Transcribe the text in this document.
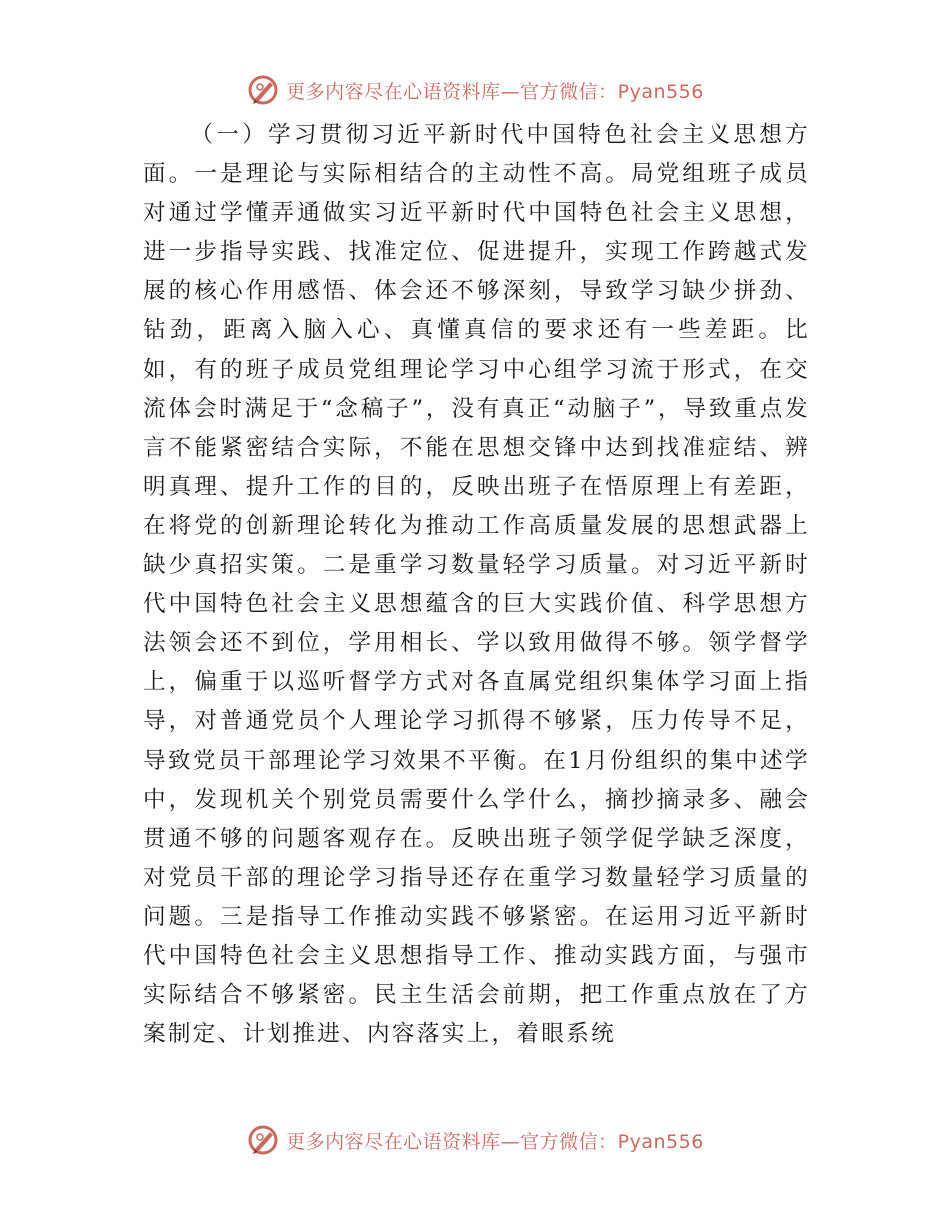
更多内容尽在心语资料库—官方微信：Pyan556

（一）学习贯彻习近平新时代中国特色社会主义思想方面。一是理论与实际相结合的主动性不高。局党组班子成员对通过学懂弄通做实习近平新时代中国特色社会主义思想，进一步指导实践、找准定位、促进提升，实现工作跨越式发展的核心作用感悟、体会还不够深刻，导致学习缺少拼劲、钻劲，距离入脑入心、真懂真信的要求还有一些差距。比如，有的班子成员党组理论学习中心组学习流于形式，在交流体会时满足于“念稿子”，没有真正“动脑子”，导致重点发言不能紧密结合实际，不能在思想交锋中达到找准症结、辨明真理、提升工作的目的，反映出班子在悟原理上有差距，在将党的创新理论转化为推动工作高质量发展的思想武器上缺少真招实策。二是重学习数量轻学习质量。对习近平新时代中国特色社会主义思想蕴含的巨大实践价值、科学思想方法领会还不到位，学用相长、学以致用做得不够。领学督学上，偏重于以巡听督学方式对各直属党组织集体学习面上指导，对普通党员个人理论学习抓得不够紧，压力传导不足，导致党员干部理论学习效果不平衡。在1月份组织的集中述学中，发现机关个别党员需要什么学什么，摘抄摘录多、融会贯通不够的问题客观存在。反映出班子领学促学缺乏深度，对党员干部的理论学习指导还存在重学习数量轻学习质量的问题。三是指导工作推动实践不够紧密。在运用习近平新时代中国特色社会主义思想指导工作、推动实践方面，与强市实际结合不够紧密。民主生活会前期，把工作重点放在了方案制定、计划推进、内容落实上，着眼系统

更多内容尽在心语资料库—官方微信：Pyan556
